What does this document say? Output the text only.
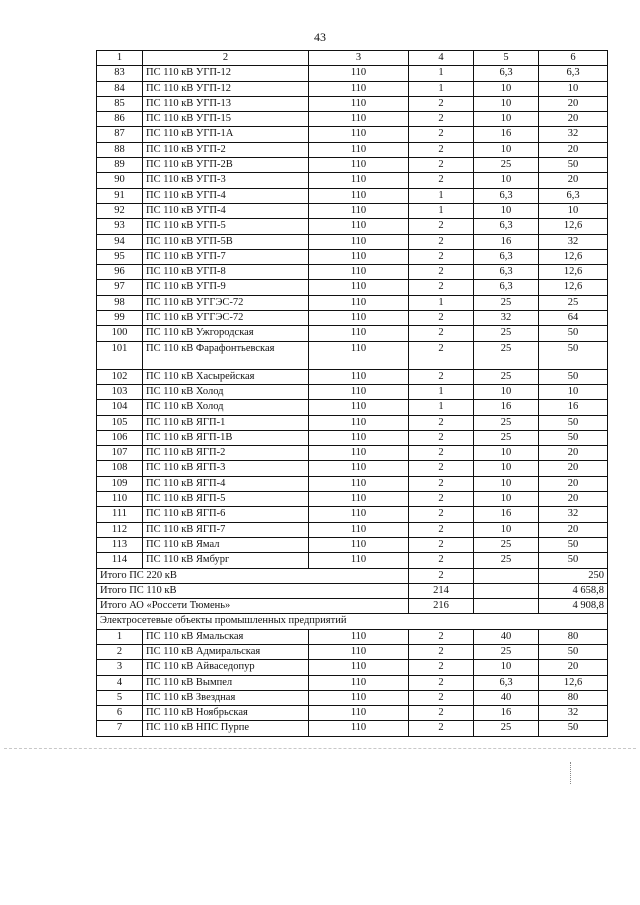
43
1	2	3	4	5	6
83	ПС 110 кВ УГП-12	110	1	6,3	6,3
84	ПС 110 кВ УГП-12	110	1	10	10
85	ПС 110 кВ УГП-13	110	2	10	20
86	ПС 110 кВ УГП-15	110	2	10	20
87	ПС 110 кВ УГП-1А	110	2	16	32
88	ПС 110 кВ УГП-2	110	2	10	20
89	ПС 110 кВ УГП-2В	110	2	25	50
90	ПС 110 кВ УГП-3	110	2	10	20
91	ПС 110 кВ УГП-4	110	1	6,3	6,3
92	ПС 110 кВ УГП-4	110	1	10	10
93	ПС 110 кВ УГП-5	110	2	6,3	12,6
94	ПС 110 кВ УГП-5В	110	2	16	32
95	ПС 110 кВ УГП-7	110	2	6,3	12,6
96	ПС 110 кВ УГП-8	110	2	6,3	12,6
97	ПС 110 кВ УГП-9	110	2	6,3	12,6
98	ПС 110 кВ УГГЭС-72	110	1	25	25
99	ПС 110 кВ УГГЭС-72	110	2	32	64
100	ПС 110 кВ Ужгородская	110	2	25	50
101	ПС 110 кВ Фарафонтьевская	110	2	25	50
102	ПС 110 кВ Хасырейская	110	2	25	50
103	ПС 110 кВ Холод	110	1	10	10
104	ПС 110 кВ Холод	110	1	16	16
105	ПС 110 кВ ЯГП-1	110	2	25	50
106	ПС 110 кВ ЯГП-1В	110	2	25	50
107	ПС 110 кВ ЯГП-2	110	2	10	20
108	ПС 110 кВ ЯГП-3	110	2	10	20
109	ПС 110 кВ ЯГП-4	110	2	10	20
110	ПС 110 кВ ЯГП-5	110	2	10	20
111	ПС 110 кВ ЯГП-6	110	2	16	32
112	ПС 110 кВ ЯГП-7	110	2	10	20
113	ПС 110 кВ Ямал	110	2	25	50
114	ПС 110 кВ Ямбург	110	2	25	50
Итого ПС 220 кВ			2		250
Итого ПС 110 кВ			214		4 658,8
Итого АО «Россети Тюмень»			216		4 908,8
Электросетевые объекты промышленных предприятий					
1	ПС 110 кВ Ямальская	110	2	40	80
2	ПС 110 кВ Адмиральская	110	2	25	50
3	ПС 110 кВ Айваседопур	110	2	10	20
4	ПС 110 кВ Вымпел	110	2	6,3	12,6
5	ПС 110 кВ Звездная	110	2	40	80
6	ПС 110 кВ Ноябрьская	110	2	16	32
7	ПС 110 кВ НПС Пурпе	110	2	25	50
